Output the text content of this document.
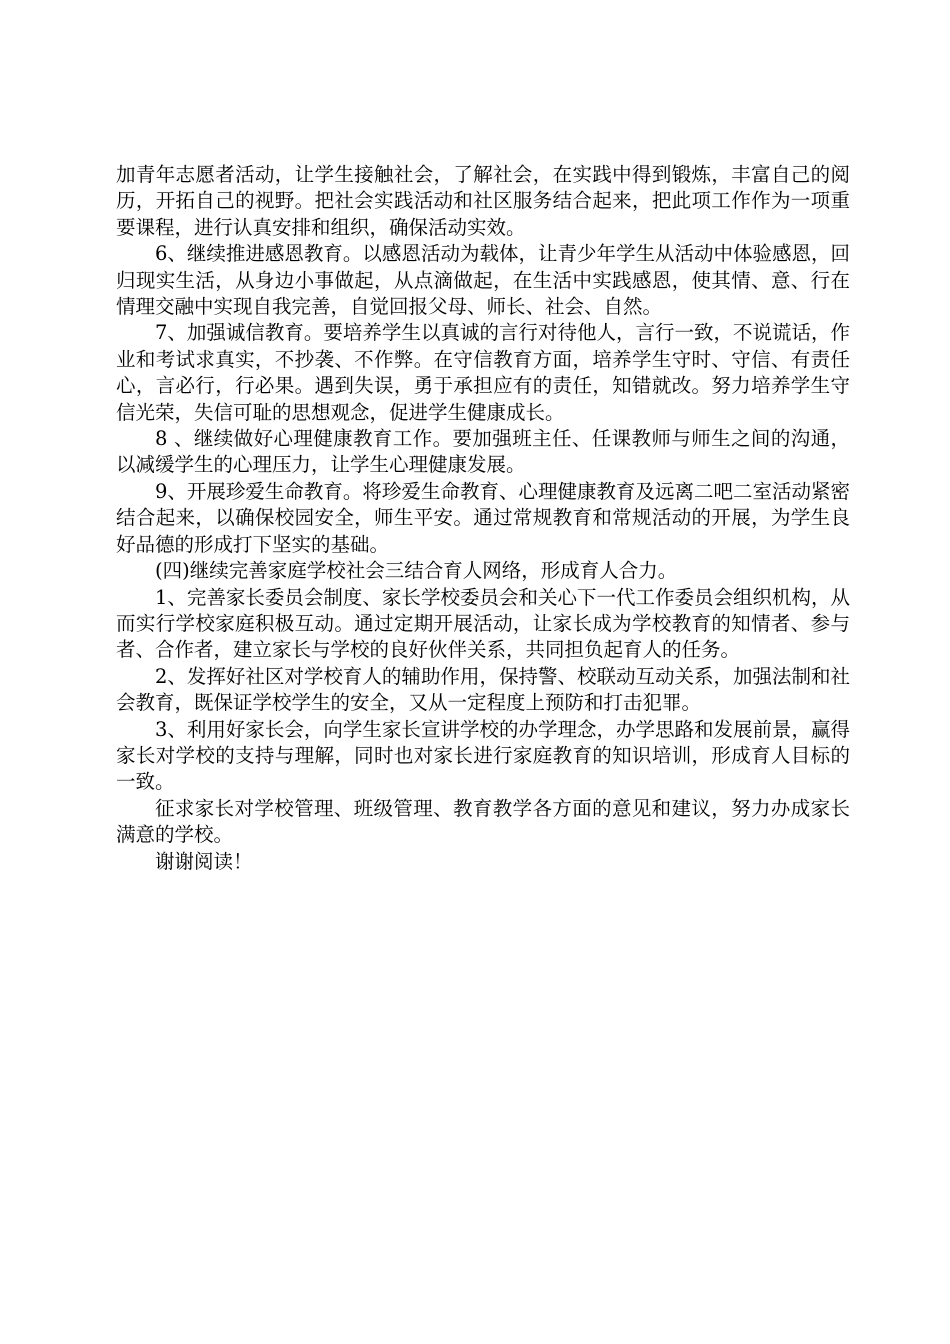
加青年志愿者活动，让学生接触社会，了解社会，在实践中得到锻炼，丰富自己的阅历，开拓自己的视野。把社会实践活动和社区服务结合起来，把此项工作作为一项重要课程，进行认真安排和组织，确保活动实效。

6、继续推进感恩教育。以感恩活动为载体，让青少年学生从活动中体验感恩，回归现实生活，从身边小事做起，从点滴做起，在生活中实践感恩，使其情、意、行在情理交融中实现自我完善，自觉回报父母、师长、社会、自然。

7、加强诚信教育。要培养学生以真诚的言行对待他人，言行一致，不说谎话，作业和考试求真实，不抄袭、不作弊。在守信教育方面，培养学生守时、守信、有责任心，言必行，行必果。遇到失误，勇于承担应有的责任，知错就改。努力培养学生守信光荣，失信可耻的思想观念，促进学生健康成长。

8 、继续做好心理健康教育工作。要加强班主任、任课教师与师生之间的沟通，以减缓学生的心理压力，让学生心理健康发展。

9、开展珍爱生命教育。将珍爱生命教育、心理健康教育及远离二吧二室活动紧密结合起来，以确保校园安全，师生平安。通过常规教育和常规活动的开展，为学生良好品德的形成打下坚实的基础。

(四)继续完善家庭学校社会三结合育人网络，形成育人合力。

1、完善家长委员会制度、家长学校委员会和关心下一代工作委员会组织机构，从而实行学校家庭积极互动。通过定期开展活动，让家长成为学校教育的知情者、参与者、合作者，建立家长与学校的良好伙伴关系，共同担负起育人的任务。

2、发挥好社区对学校育人的辅助作用，保持警、校联动互动关系，加强法制和社会教育，既保证学校学生的安全，又从一定程度上预防和打击犯罪。

3、利用好家长会，向学生家长宣讲学校的办学理念，办学思路和发展前景，赢得家长对学校的支持与理解，同时也对家长进行家庭教育的知识培训，形成育人目标的一致。

征求家长对学校管理、班级管理、教育教学各方面的意见和建议，努力办成家长满意的学校。

谢谢阅读！
